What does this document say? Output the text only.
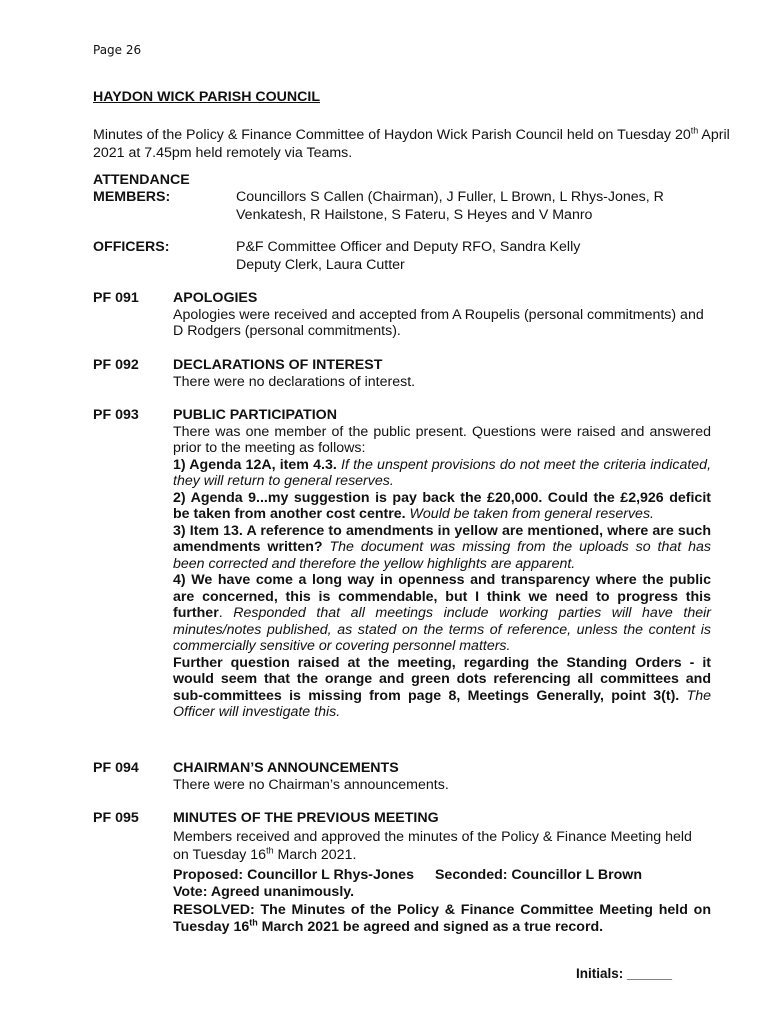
Page 26
HAYDON WICK PARISH COUNCIL
Minutes of the Policy & Finance Committee of Haydon Wick Parish Council held on Tuesday 20th April 2021 at 7.45pm held remotely via Teams.
ATTENDANCE
MEMBERS:	Councillors S Callen (Chairman), J Fuller, L Brown, L Rhys-Jones, R Venkatesh, R Hailstone, S Fateru, S Heyes and V Manro
OFFICERS:	P&F Committee Officer and Deputy RFO, Sandra Kelly
Deputy Clerk, Laura Cutter
PF 091 APOLOGIES
Apologies were received and accepted from A Roupelis (personal commitments) and D Rodgers (personal commitments).
PF 092 DECLARATIONS OF INTEREST
There were no declarations of interest.
PF 093 PUBLIC PARTICIPATION
There was one member of the public present. Questions were raised and answered prior to the meeting as follows:
1) Agenda 12A, item 4.3. If the unspent provisions do not meet the criteria indicated, they will return to general reserves.
2) Agenda 9...my suggestion is pay back the £20,000. Could the £2,926 deficit be taken from another cost centre. Would be taken from general reserves.
3) Item 13. A reference to amendments in yellow are mentioned, where are such amendments written? The document was missing from the uploads so that has been corrected and therefore the yellow highlights are apparent.
4) We have come a long way in openness and transparency where the public are concerned, this is commendable, but I think we need to progress this further. Responded that all meetings include working parties will have their minutes/notes published, as stated on the terms of reference, unless the content is commercially sensitive or covering personnel matters.
Further question raised at the meeting, regarding the Standing Orders - it would seem that the orange and green dots referencing all committees and sub-committees is missing from page 8, Meetings Generally, point 3(t). The Officer will investigate this.
PF 094 CHAIRMAN’S ANNOUNCEMENTS
There were no Chairman’s announcements.
PF 095 MINUTES OF THE PREVIOUS MEETING
Members received and approved the minutes of the Policy & Finance Meeting held on Tuesday 16th March 2021.
Proposed: Councillor L Rhys-Jones Seconded: Councillor L Brown
Vote: Agreed unanimously.
RESOLVED: The Minutes of the Policy & Finance Committee Meeting held on Tuesday 16th March 2021 be agreed and signed as a true record.
Initials: ______
